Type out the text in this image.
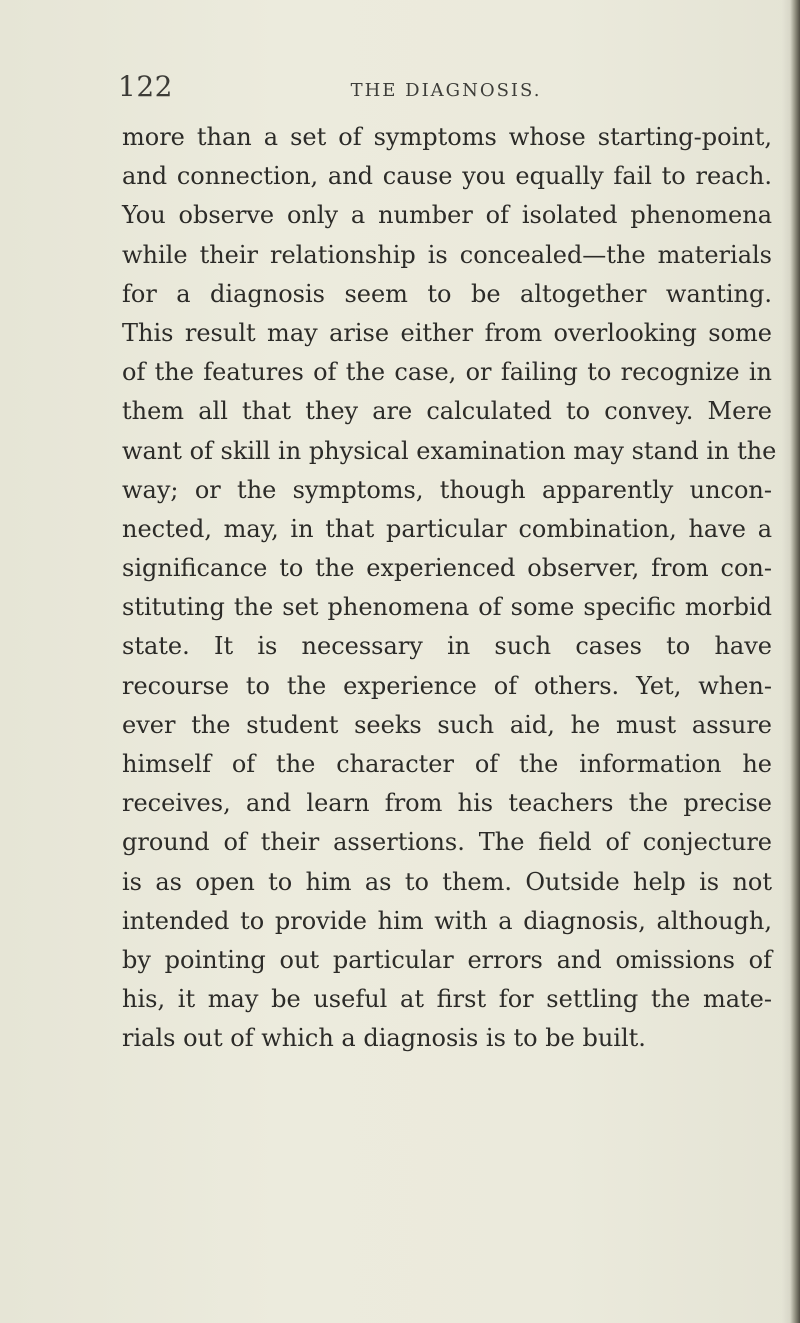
122	THE DIAGNOSIS.
more than a set of symptoms whose starting-point,
and connection, and cause you equally fail to reach.
You observe only a number of isolated phenomena
while their relationship is concealed—the materials
for a diagnosis seem to be altogether wanting.
This result may arise either from overlooking some
of the features of the case, or failing to recognize in
them all that they are calculated to convey. Mere
want of skill in physical examination may stand in the
way; or the symptoms, though apparently uncon-
nected, may, in that particular combination, have a
significance to the experienced observer, from con-
stituting the set phenomena of some specific morbid
state. It is necessary in such cases to have
recourse to the experience of others. Yet, when-
ever the student seeks such aid, he must assure
himself of the character of the information he
receives, and learn from his teachers the precise
ground of their assertions. The field of conjecture
is as open to him as to them. Outside help is not
intended to provide him with a diagnosis, although,
by pointing out particular errors and omissions of
his, it may be useful at first for settling the mate-
rials out of which a diagnosis is to be built.
